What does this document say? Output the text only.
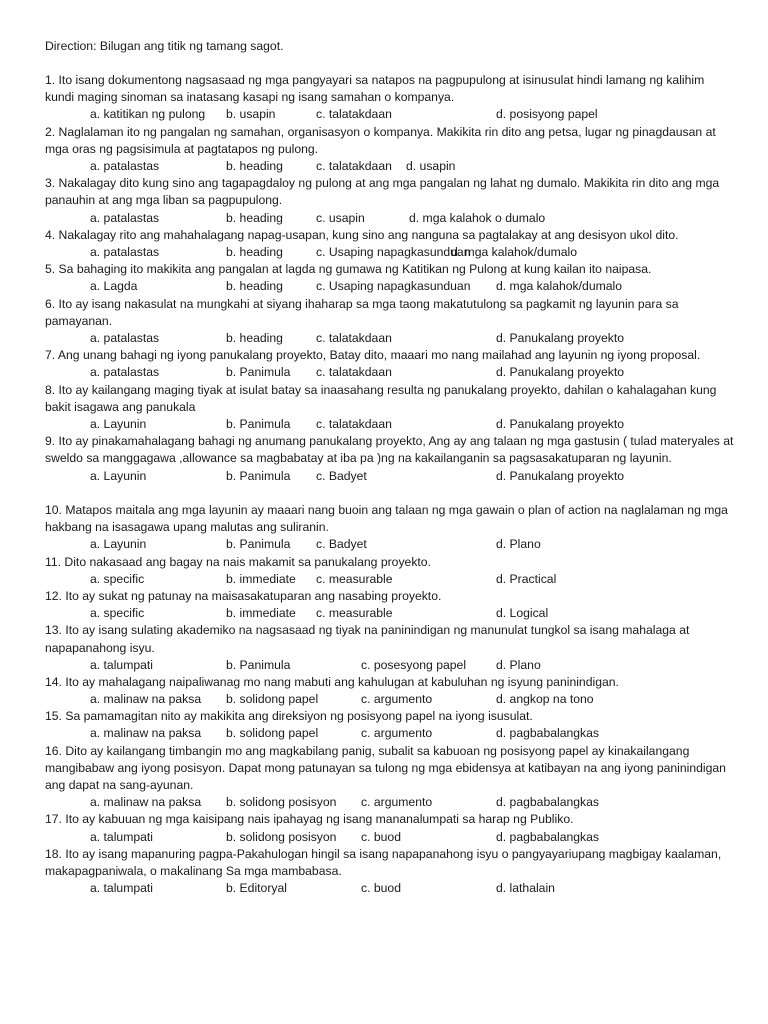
Direction: Bilugan ang titik ng tamang sagot.
1. Ito isang dokumentong nagsasaad ng mga pangyayari sa natapos na pagpupulong at isinusulat hindi lamang ng kalihim kundi maging sinoman sa inatasang kasapi ng isang samahan o kompanya.
a. katitikan ng pulong b. usapin	c. talatakdaan	d. posisyong papel
2. Naglalaman ito ng pangalan ng samahan, organisasyon o kompanya. Makikita rin dito ang petsa, lugar ng pinagdausan at mga oras ng pagsisimula at pagtatapos ng pulong.
a. patalastas	b. heading	c. talatakdaan d. usapin
3. Nakalagay dito kung sino ang tagapagdaloy ng pulong at ang mga pangalan ng lahat ng dumalo. Makikita rin dito ang mga panauhin at ang mga liban sa pagpupulong.
a. patalastas	b. heading	c. usapin	d. mga kalahok o dumalo
4. Nakalagay rito ang mahahalagang napag-usapan, kung sino ang nanguna sa pagtalakay at ang desisyon ukol dito.
a. patalastas	b. heading	c. Usaping napagkasunduan
d. mga kalahok/dumalo
5. Sa bahaging ito makikita ang pangalan at lagda ng gumawa ng Katitikan ng Pulong at kung kailan ito naipasa.
a. Lagda	b. heading	c. Usaping napagkasunduan d. mga kalahok/dumalo
6. Ito ay isang nakasulat na mungkahi at siyang ihaharap sa mga taong makatutulong sa pagkamit ng layunin para sa pamayanan.
a. patalastas	b. heading	c. talatakdaan	d. Panukalang proyekto
7. Ang unang bahagi ng iyong panukalang proyekto, Batay dito, maaari mo nang mailahad ang layunin ng iyong proposal.
a. patalastas	b. Panimula c. talatakdaan	d. Panukalang proyekto
8. Ito ay kailangang maging tiyak at isulat batay sa inaasahang resulta ng panukalang proyekto, dahilan o kahalagahan kung bakit isagawa ang panukala
a. Layunin	b. Panimula c. talatakdaan	d. Panukalang proyekto
9. Ito ay pinakamahalagang bahagi ng anumang panukalang proyekto, Ang ay ang talaan ng mga gastusin ( tulad materyales at sweldo sa manggagawa ,allowance sa magbabatay at iba pa )ng na kakailanganin sa pagsasakatuparan ng layunin.
a. Layunin	b. Panimula c. Badyet	d. Panukalang proyekto
10. Matapos maitala ang mga layunin ay maaari nang buoin ang talaan ng mga gawain o plan of action na naglalaman ng mga hakbang na isasagawa upang malutas ang suliranin.
a. Layunin	b. Panimula c. Badyet	d. Plano
11. Dito nakasaad ang bagay na nais makamit sa panukalang proyekto.
a. specific	b. immediate c. measurable	d. Practical
12. Ito ay sukat ng patunay na maisasakatuparan ang nasabing proyekto.
a. specific	b. immediate c. measurable	d. Logical
13. Ito ay isang sulating akademiko na nagsasaad ng tiyak na paninindigan ng manunulat tungkol sa isang mahalaga at napapanahong isyu.
a. talumpati	b. Panimula	c. posesyong papel d. Plano
14. Ito ay mahalagang naipaliwanag mo nang mabuti ang kahulugan at kabuluhan ng isyung paninindigan.
a. malinaw na paksa b. solidong papel	c. argumento	d. angkop na tono
15. Sa pamamagitan nito ay makikita ang direksiyon ng posisyong papel na iyong isusulat.
a. malinaw na paksa b. solidong papel	c. argumento	d. pagbabalangkas
16. Dito ay kailangang timbangin mo ang magkabilang panig, subalit sa kabuoan ng posisyong papel ay kinakailangang mangibabaw ang iyong posisyon. Dapat mong patunayan sa tulong ng mga ebidensya at katibayan na ang iyong paninindigan ang dapat na sang-ayunan.
a. malinaw na paksa b. solidong posisyon c. argumento	d. pagbabalangkas
17. Ito ay kabuuan ng mga kaisipang nais ipahayag ng isang mananalumpati sa harap ng Publiko.
a. talumpati	b. solidong posisyon c. buod	d. pagbabalangkas
18. Ito ay isang mapanuring pagpa-Pakahulogan hingil sa isang napapanahong isyu o pangyayariupang magbigay kaalaman, makapagpaniwala, o makalinang Sa mga mambabasa.
a. talumpati	b. Editoryal	c. buod	d. lathalain
